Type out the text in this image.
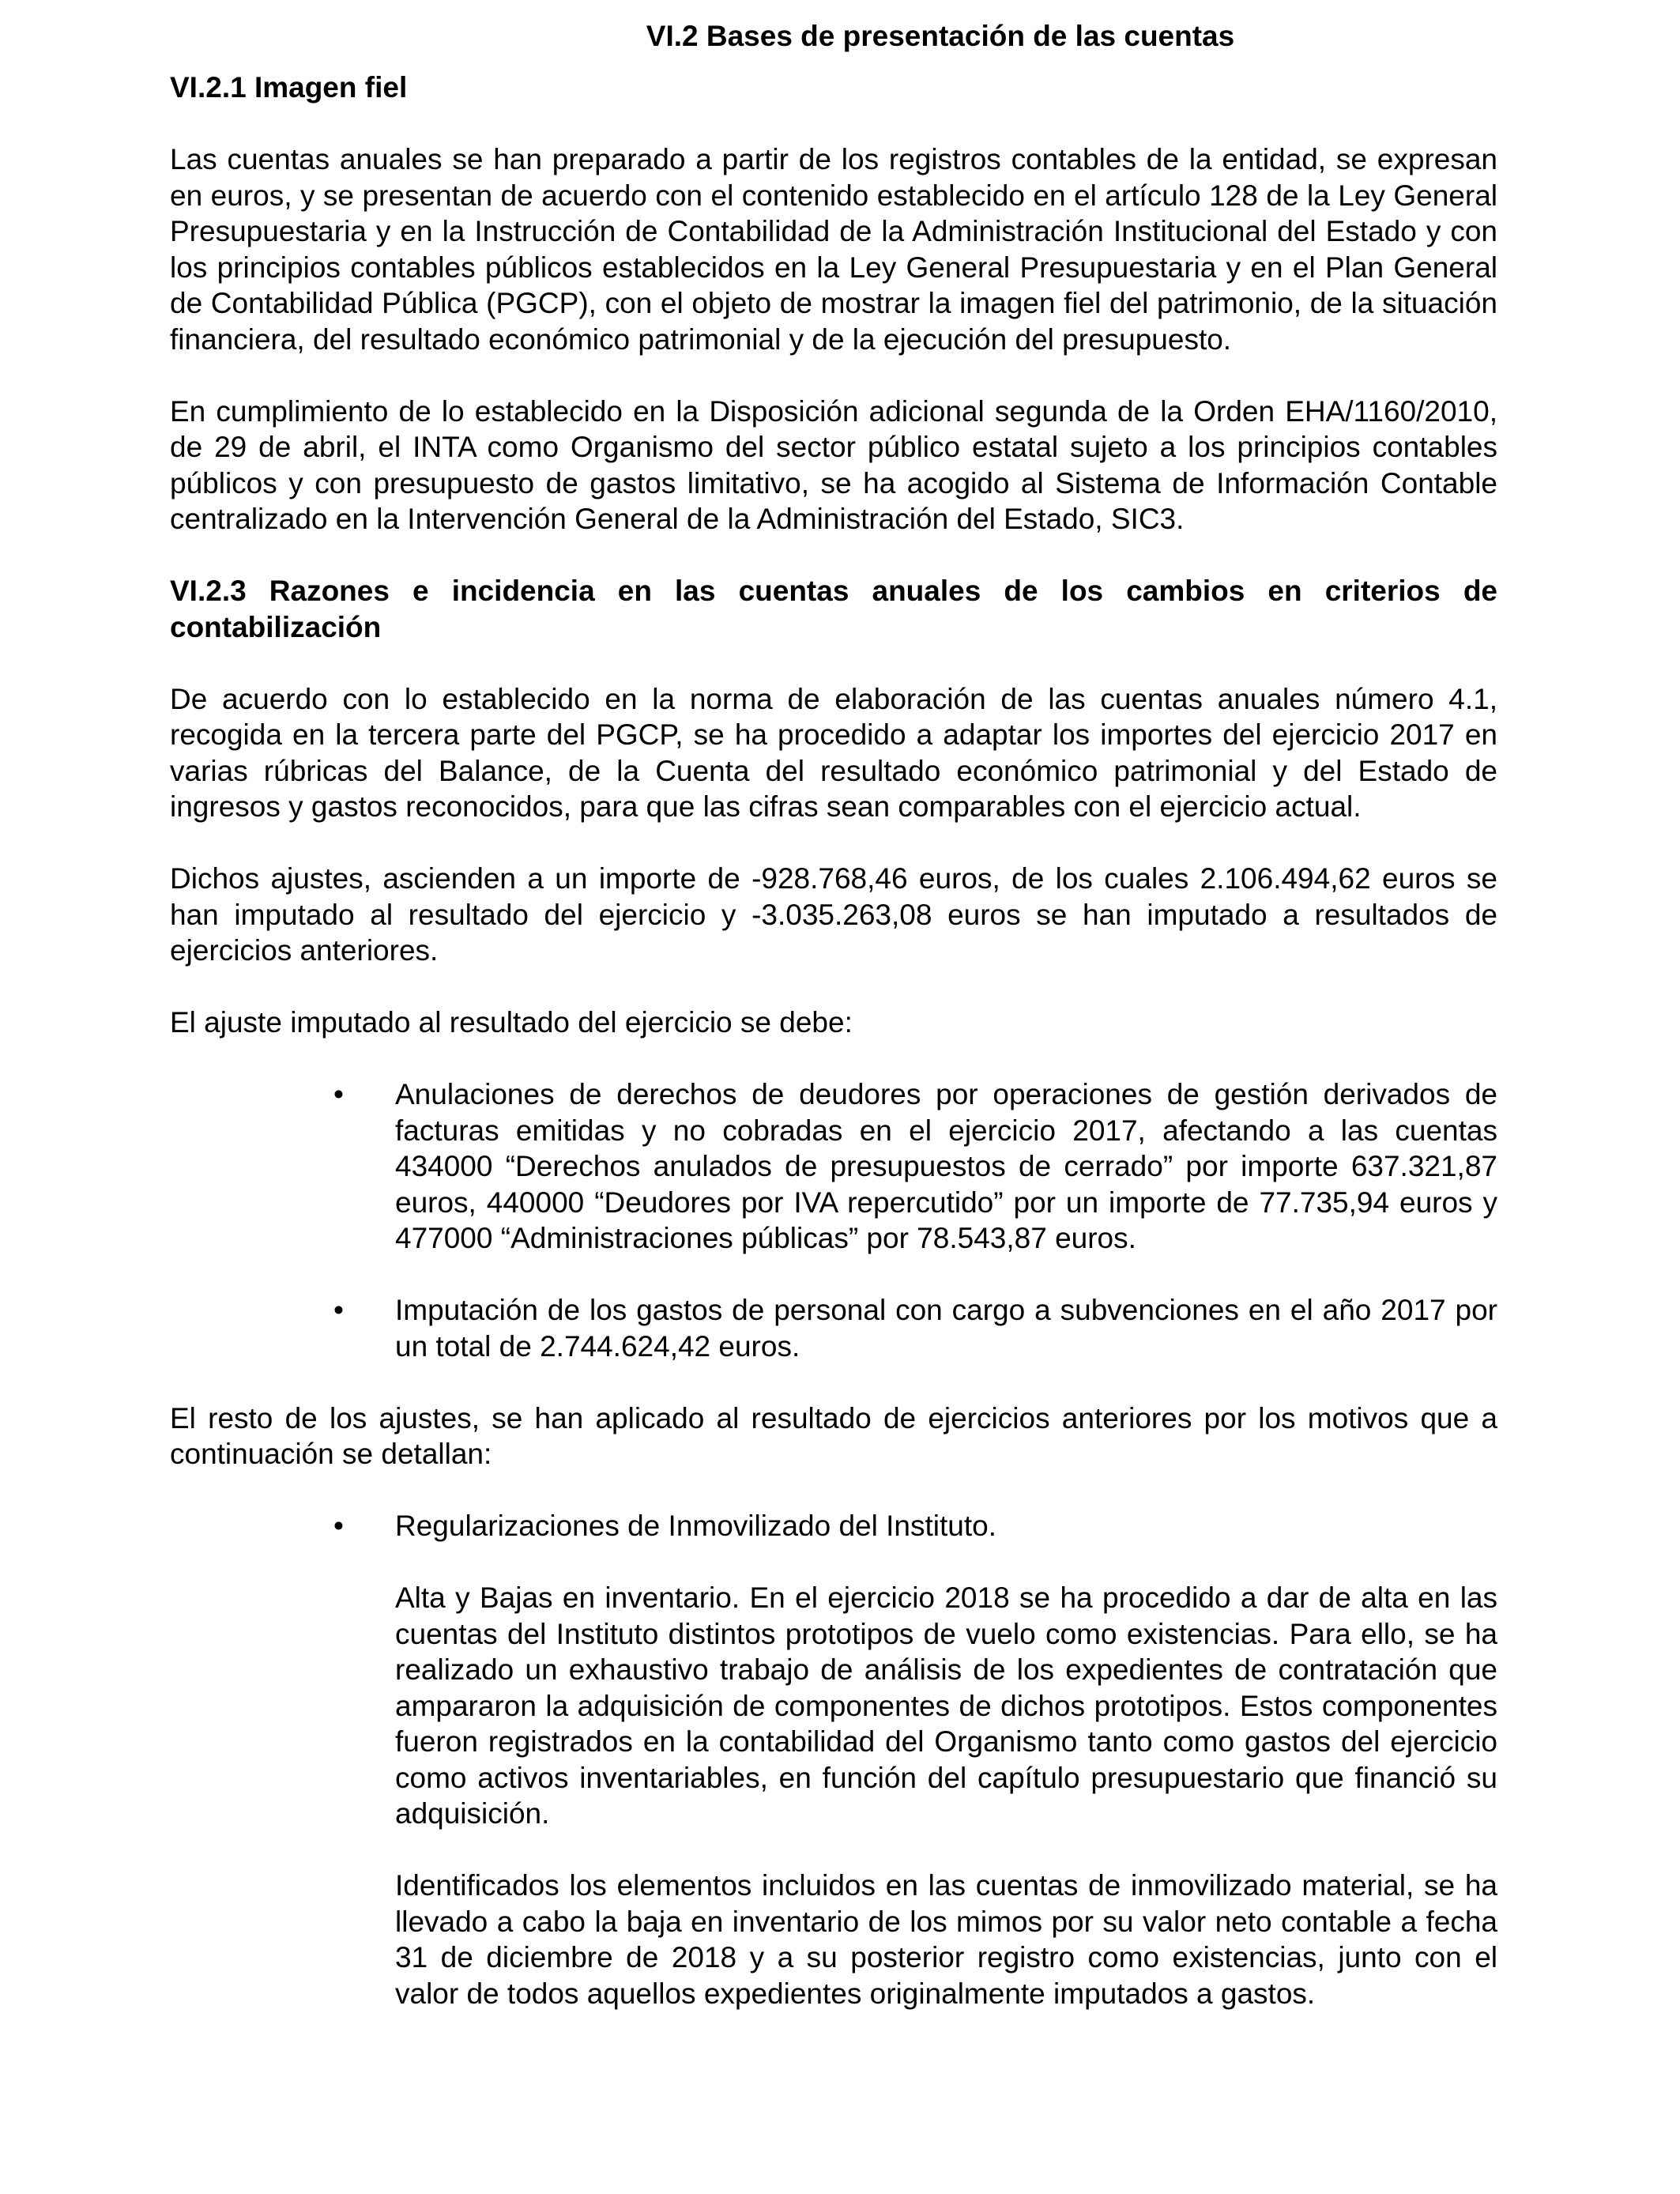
VI.2 Bases de presentación de las cuentas
VI.2.1 Imagen fiel

Las cuentas anuales se han preparado a partir de los registros contables de la entidad, se expresan en euros, y se presentan de acuerdo con el contenido establecido en el artículo 128 de la Ley General Presupuestaria y en la Instrucción de Contabilidad de la Administración Institucional del Estado y con los principios contables públicos establecidos en la Ley General Presupuestaria y en el Plan General de Contabilidad Pública (PGCP), con el objeto de mostrar la imagen fiel del patrimonio, de la situación financiera, del resultado económico patrimonial y de la ejecución del presupuesto.

En cumplimiento de lo establecido en la Disposición adicional segunda de la Orden EHA/1160/2010, de 29 de abril, el INTA como Organismo del sector público estatal sujeto a los principios contables públicos y con presupuesto de gastos limitativo, se ha acogido al Sistema de Información Contable centralizado en la Intervención General de la Administración del Estado, SIC3.

VI.2.3 Razones e incidencia en las cuentas anuales de los cambios en criterios de contabilización

De acuerdo con lo establecido en la norma de elaboración de las cuentas anuales número 4.1, recogida en la tercera parte del PGCP, se ha procedido a adaptar los importes del ejercicio 2017 en varias rúbricas del Balance, de la Cuenta del resultado económico patrimonial y del Estado de ingresos y gastos reconocidos, para que las cifras sean comparables con el ejercicio actual.

Dichos ajustes, ascienden a un importe de -928.768,46 euros, de los cuales 2.106.494,62 euros se han imputado al resultado del ejercicio y -3.035.263,08 euros se han imputado a resultados de ejercicios anteriores.

El ajuste imputado al resultado del ejercicio se debe:

• Anulaciones de derechos de deudores por operaciones de gestión derivados de facturas emitidas y no cobradas en el ejercicio 2017, afectando a las cuentas 434000 “Derechos anulados de presupuestos de cerrado” por importe 637.321,87 euros, 440000 “Deudores por IVA repercutido” por un importe de 77.735,94 euros y 477000 “Administraciones públicas” por 78.543,87 euros.
• Imputación de los gastos de personal con cargo a subvenciones en el año 2017 por un total de 2.744.624,42 euros.

El resto de los ajustes, se han aplicado al resultado de ejercicios anteriores por los motivos que a continuación se detallan:

• Regularizaciones de Inmovilizado del Instituto.

Alta y Bajas en inventario. En el ejercicio 2018 se ha procedido a dar de alta en las cuentas del Instituto distintos prototipos de vuelo como existencias. Para ello, se ha realizado un exhaustivo trabajo de análisis de los expedientes de contratación que ampararon la adquisición de componentes de dichos prototipos. Estos componentes fueron registrados en la contabilidad del Organismo tanto como gastos del ejercicio como activos inventariables, en función del capítulo presupuestario que financió su adquisición.

Identificados los elementos incluidos en las cuentas de inmovilizado material, se ha llevado a cabo la baja en inventario de los mimos por su valor neto contable a fecha 31 de diciembre de 2018 y a su posterior registro como existencias, junto con el valor de todos aquellos expedientes originalmente imputados a gastos.
